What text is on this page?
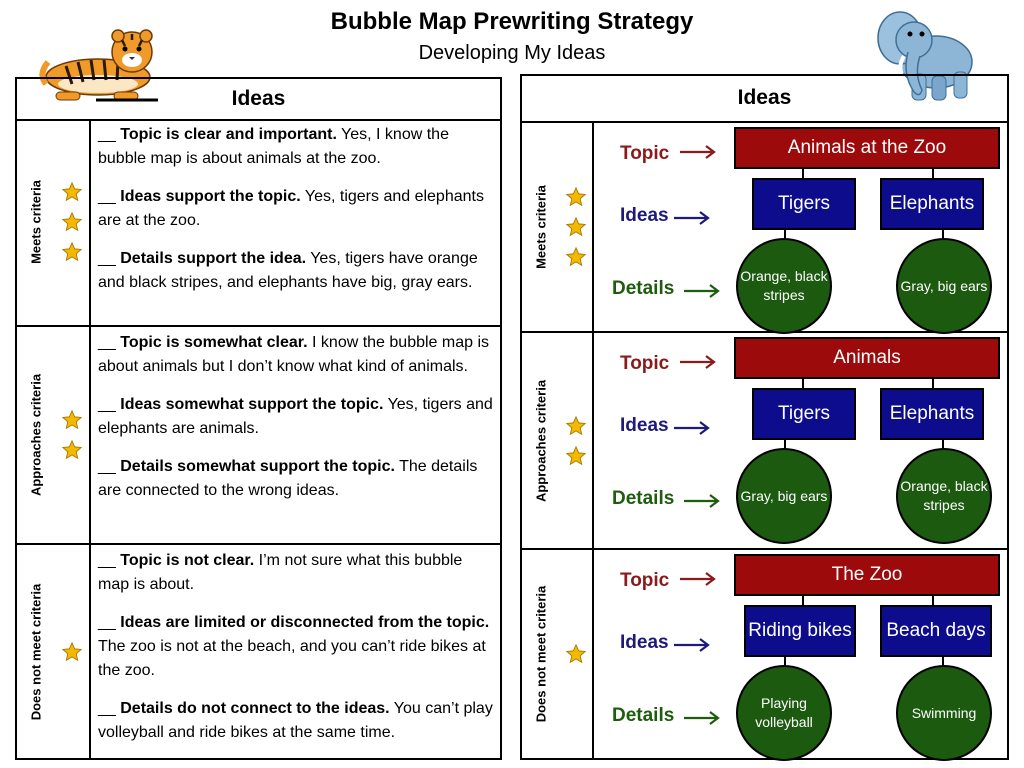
Bubble Map Prewriting Strategy
Developing My Ideas
Ideas
Meets criteria

__ Topic is clear and important. Yes, I know the bubble map is about animals at the zoo.

__ Ideas support the topic. Yes, tigers and elephants are at the zoo.

__ Details support the idea. Yes, tigers have orange and black stripes, and elephants have big, gray ears.

Approaches criteria

__ Topic is somewhat clear. I know the bubble map is about animals but I don’t know what kind of animals.

__ Ideas somewhat support the topic. Yes, tigers and elephants are animals.

__ Details somewhat support the topic. The details are connected to the wrong ideas.

Does not meet criteria

__ Topic is not clear. I’m not sure what this bubble map is about.

__ Ideas are limited or disconnected from the topic. The zoo is not at the beach, and you can’t ride bikes at the zoo.

__ Details do not connect to the ideas. You can’t play volleyball and ride bikes at the same time.

Ideas
Meets criteria
Topic
Ideas
Details
Animals at the Zoo
Tigers	Elephants
Orange, black stripes
Gray, big ears
Approaches criteria
Topic
Ideas
Details
Animals
Tigers	Elephants
Gray, big ears
Orange, black stripes
Does not meet criteria
Topic
Ideas
Details
The Zoo
Riding bikes	Beach days
Playing volleyball
Swimming
